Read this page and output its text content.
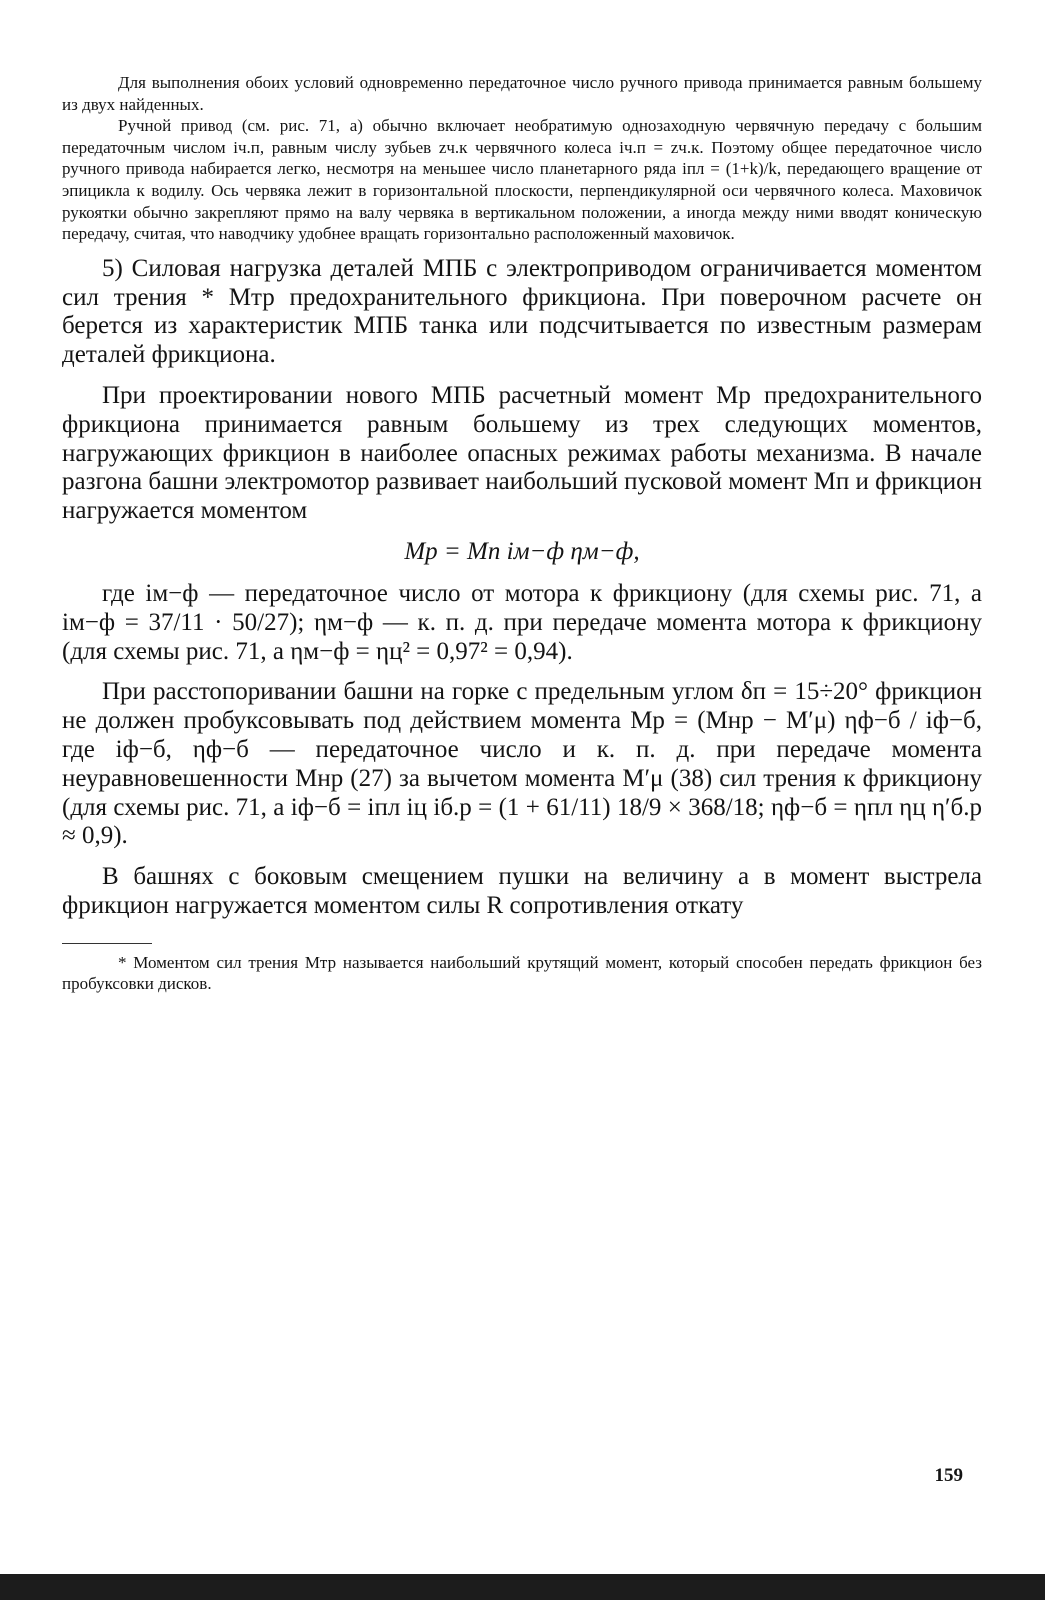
Для выполнения обоих условий одновременно передаточное число ручного привода принимается равным большему из двух найденных.

Ручной привод (см. рис. 71, а) обычно включает необратимую однозаходную червячную передачу с большим передаточным числом iч.п, равным числу зубьев zч.к червячного колеса iч.п = zч.к. Поэтому общее передаточное число ручного привода набирается легко, несмотря на меньшее число планетарного ряда iпл = (1+k)/k, передающего вращение от эпицикла к водилу. Ось червяка лежит в горизонтальной плоскости, перпендикулярной оси червячного колеса. Маховичок рукоятки обычно закрепляют прямо на валу червяка в вертикальном положении, а иногда между ними вводят коническую передачу, считая, что наводчику удобнее вращать горизонтально расположенный маховичок.

5) Силовая нагрузка деталей МПБ с электроприводом ограничивается моментом сил трения * Мтр предохранительного фрикциона. При поверочном расчете он берется из характеристик МПБ танка или подсчитывается по известным размерам деталей фрикциона.

При проектировании нового МПБ расчетный момент Мр предохранительного фрикциона принимается равным большему из трех следующих моментов, нагружающих фрикцион в наиболее опасных режимах работы механизма. В начале разгона башни электромотор развивает наибольший пусковой момент Мп и фрикцион нагружается моментом

Мр = Мп iм−ф ηм−ф,

где iм−ф — передаточное число от мотора к фрикциону (для схемы рис. 71, а iм−ф = 37/11 · 50/27); ηм−ф — к. п. д. при передаче момента мотора к фрикциону (для схемы рис. 71, а ηм−ф = ηц² = 0,97² = 0,94).

При расстопоривании башни на горке с предельным углом δп = 15÷20° фрикцион не должен пробуксовывать под действием момента Мр = (Мнр − М′μ) ηф−б / iф−б, где iф−б, ηф−б — передаточное число и к. п. д. при передаче момента неуравновешенности Мнр (27) за вычетом момента М′μ (38) сил трения к фрикциону (для схемы рис. 71, а iф−б = iпл iц iб.р = (1 + 61/11) 18/9 × 368/18; ηф−б = ηпл ηц η′б.р ≈ 0,9).

В башнях с боковым смещением пушки на величину а в момент выстрела фрикцион нагружается моментом силы R сопротивления откату

* Моментом сил трения Мтр называется наибольший крутящий момент, который способен передать фрикцион без пробуксовки дисков.

159
